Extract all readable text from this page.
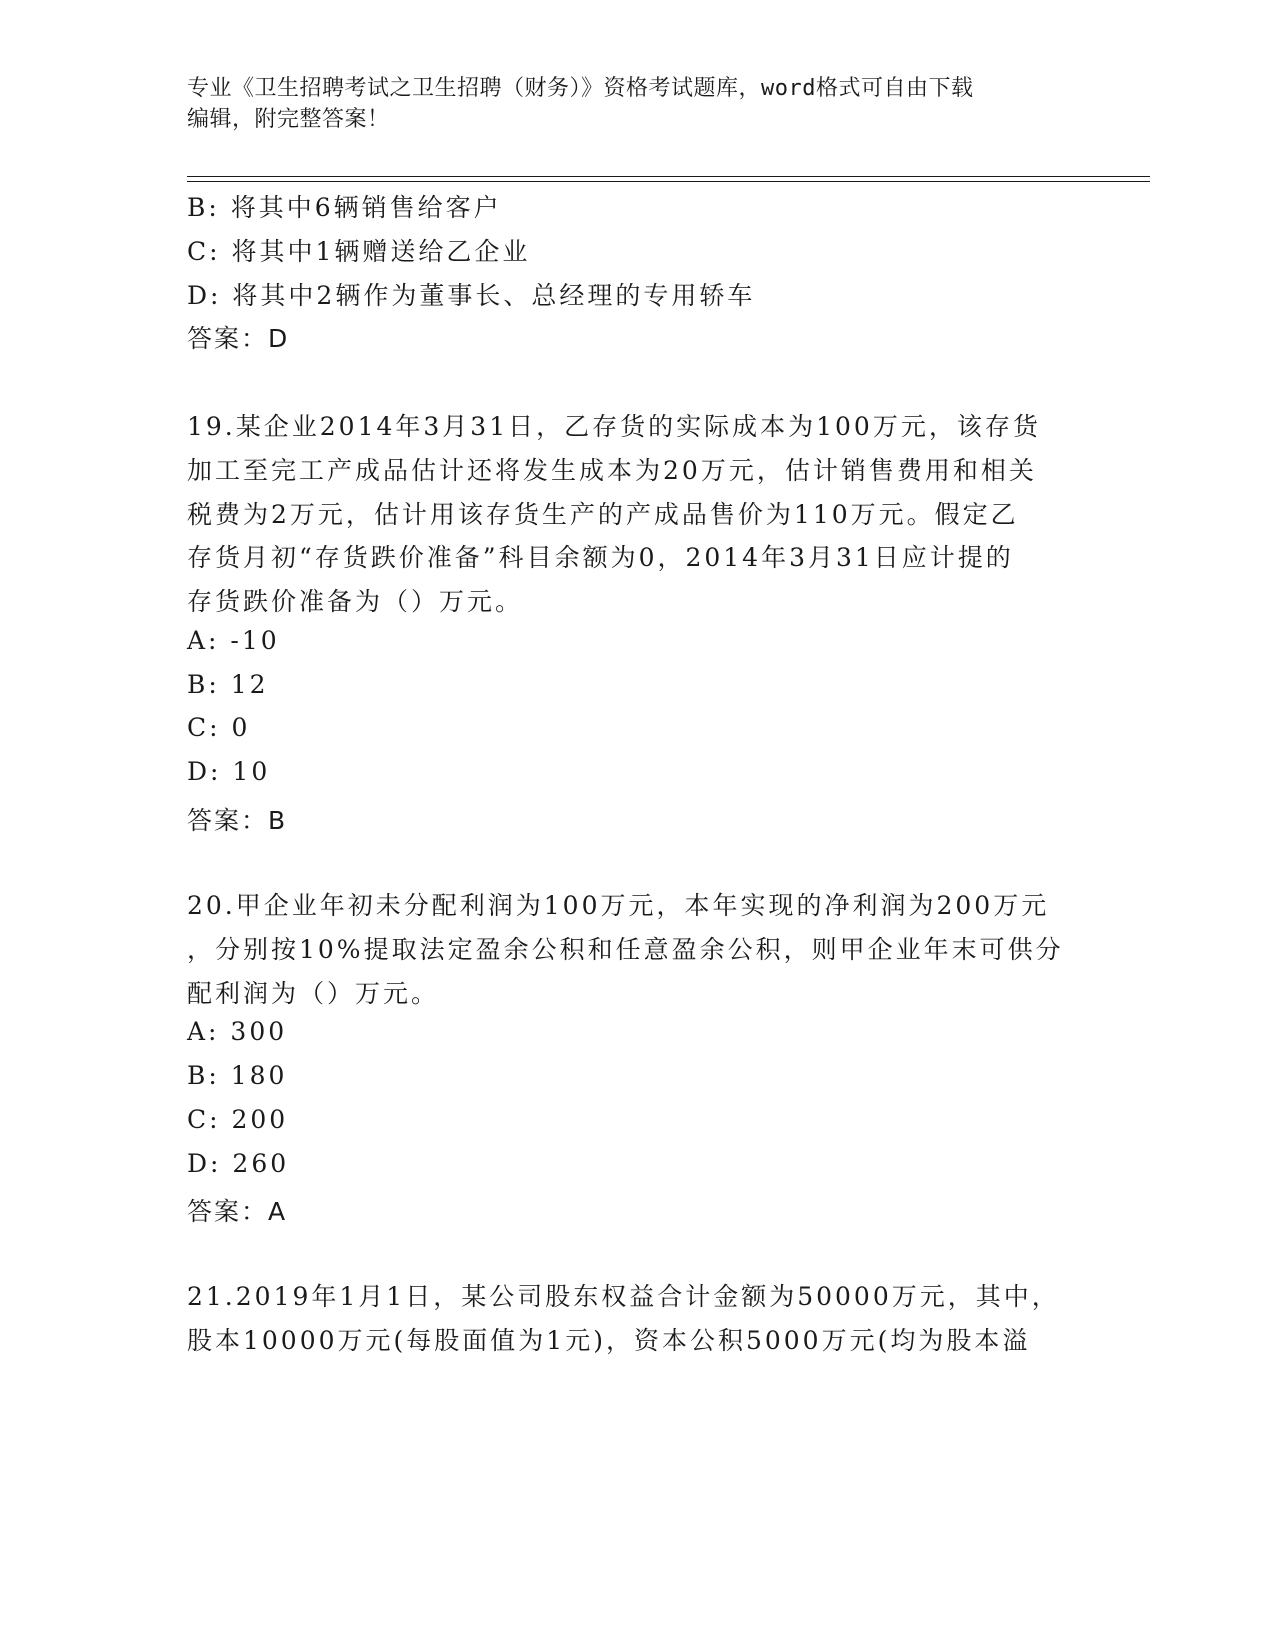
专业《卫生招聘考试之卫生招聘（财务）》资格考试题库，word格式可自由下载
编辑，附完整答案！
B: 将其中6辆销售给客户
C: 将其中1辆赠送给乙企业
D: 将其中2辆作为董事长、总经理的专用轿车
答案：D
19.某企业2014年3月31日，乙存货的实际成本为100万元，该存货
加工至完工产成品估计还将发生成本为20万元，估计销售费用和相关
税费为2万元，估计用该存货生产的产成品售价为110万元。假定乙
存货月初“存货跌价准备”科目余额为0，2014年3月31日应计提的
存货跌价准备为（）万元。
A: -10
B: 12
C: 0
D: 10
答案：B
20.甲企业年初未分配利润为100万元，本年实现的净利润为200万元
，分别按10%提取法定盈余公积和任意盈余公积，则甲企业年末可供分
配利润为（）万元。
A: 300
B: 180
C: 200
D: 260
答案：A
21.2019年1月1日，某公司股东权益合计金额为50000万元，其中，
股本10000万元(每股面值为1元)，资本公积5000万元(均为股本溢
